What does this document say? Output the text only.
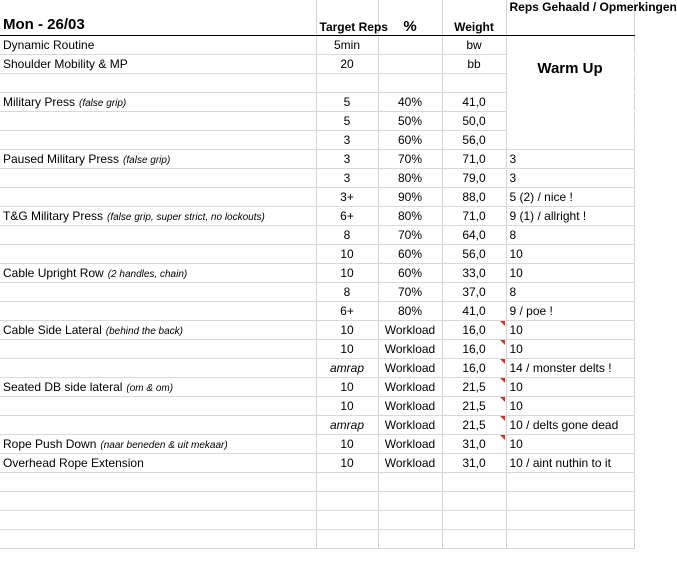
Mon - 26/03	Target Reps	%	Weight	Reps Gehaald / Opmerkingen
Dynamic Routine	5min		bw	
Shoulder Mobility & MP	20		bb	

Military Press (false grip)	5	40%	41,0	
	5	50%	50,0	
	3	60%	56,0	
Paused Military Press (false grip)	3	70%	71,0	3
	3	80%	79,0	3
	3+	90%	88,0	5 (2) / nice !
T&G Military Press (false grip, super strict, no lockouts)	6+	80%	71,0	9 (1) / allright !
	8	70%	64,0	8
	10	60%	56,0	10
Cable Upright Row (2 handles, chain)	10	60%	33,0	10
	8	70%	37,0	8
	6+	80%	41,0	9 / poe !
Cable Side Lateral (behind the back)	10	Workload	16,0	10
	10	Workload	16,0	10
	amrap	Workload	16,0	14 / monster delts !
Seated DB side lateral (om & om)	10	Workload	21,5	10
	10	Workload	21,5	10
	amrap	Workload	21,5	10 / delts gone dead
Rope Push Down (naar beneden & uit mekaar)	10	Workload	31,0	10
Overhead Rope Extension	10	Workload	31,0	10 / aint nuthin to it

Warm Up
